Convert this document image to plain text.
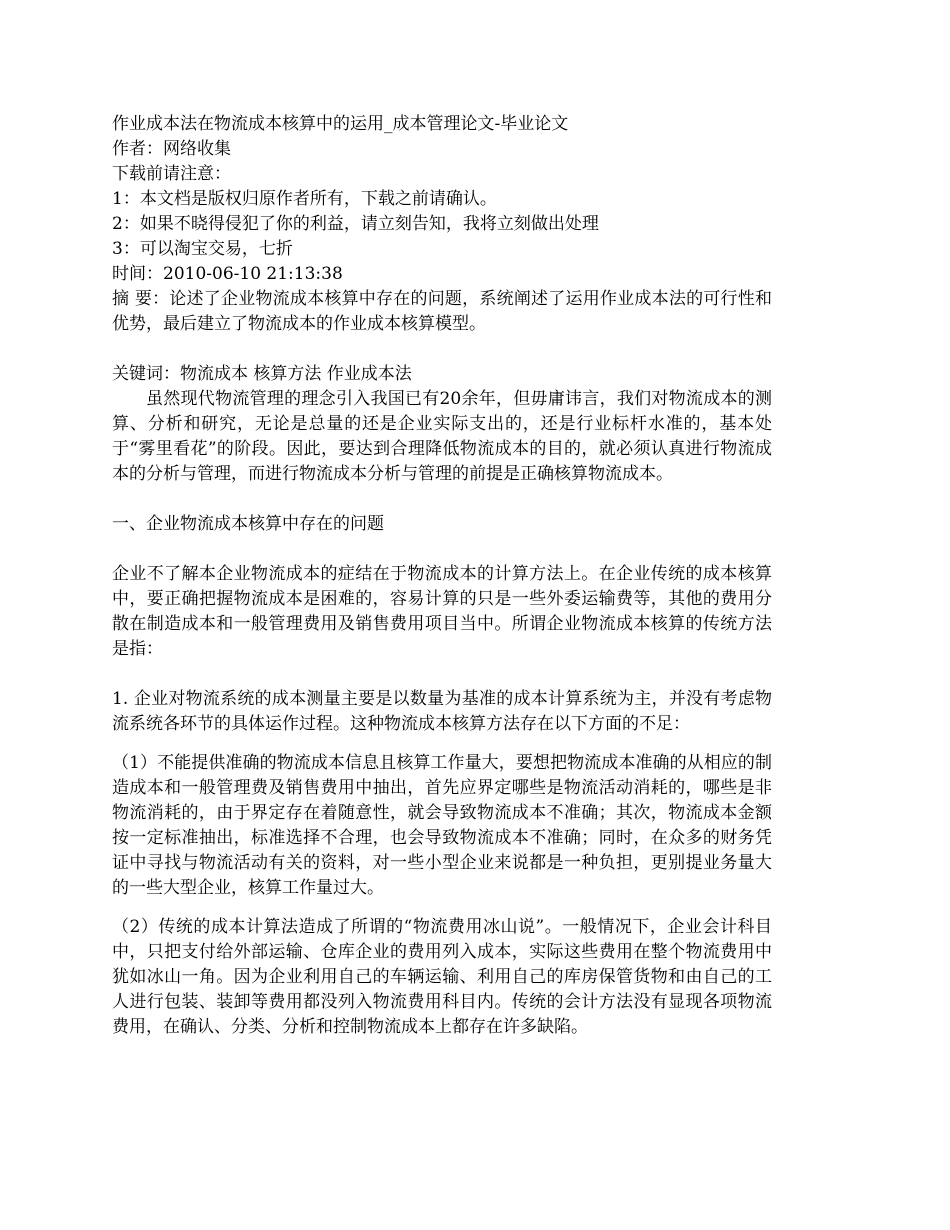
作业成本法在物流成本核算中的运用_成本管理论文-毕业论文
作者：网络收集
下载前请注意：
1：本文档是版权归原作者所有，下载之前请确认。
2：如果不晓得侵犯了你的利益，请立刻告知，我将立刻做出处理
3：可以淘宝交易，七折
时间：2010-06-10 21:13:38

摘 要：论述了企业物流成本核算中存在的问题，系统阐述了运用作业成本法的可行性和优势，最后建立了物流成本的作业成本核算模型。

关键词：物流成本 核算方法 作业成本法

虽然现代物流管理的理念引入我国已有20余年，但毋庸讳言，我们对物流成本的测算、分析和研究，无论是总量的还是企业实际支出的，还是行业标杆水准的，基本处于“雾里看花”的阶段。因此，要达到合理降低物流成本的目的，就必须认真进行物流成本的分析与管理，而进行物流成本分析与管理的前提是正确核算物流成本。

一、企业物流成本核算中存在的问题

企业不了解本企业物流成本的症结在于物流成本的计算方法上。在企业传统的成本核算中，要正确把握物流成本是困难的，容易计算的只是一些外委运输费等，其他的费用分散在制造成本和一般管理费用及销售费用项目当中。所谓企业物流成本核算的传统方法是指：

1. 企业对物流系统的成本测量主要是以数量为基准的成本计算系统为主，并没有考虑物流系统各环节的具体运作过程。这种物流成本核算方法存在以下方面的不足：

（1）不能提供准确的物流成本信息且核算工作量大，要想把物流成本准确的从相应的制造成本和一般管理费及销售费用中抽出，首先应界定哪些是物流活动消耗的，哪些是非物流消耗的，由于界定存在着随意性，就会导致物流成本不准确；其次，物流成本金额按一定标准抽出，标准选择不合理，也会导致物流成本不准确；同时，在众多的财务凭证中寻找与物流活动有关的资料，对一些小型企业来说都是一种负担，更别提业务量大的一些大型企业，核算工作量过大。

（2）传统的成本计算法造成了所谓的“物流费用冰山说”。一般情况下，企业会计科目中，只把支付给外部运输、仓库企业的费用列入成本，实际这些费用在整个物流费用中犹如冰山一角。因为企业利用自己的车辆运输、利用自己的库房保管货物和由自己的工人进行包装、装卸等费用都没列入物流费用科目内。传统的会计方法没有显现各项物流费用，在确认、分类、分析和控制物流成本上都存在许多缺陷。
